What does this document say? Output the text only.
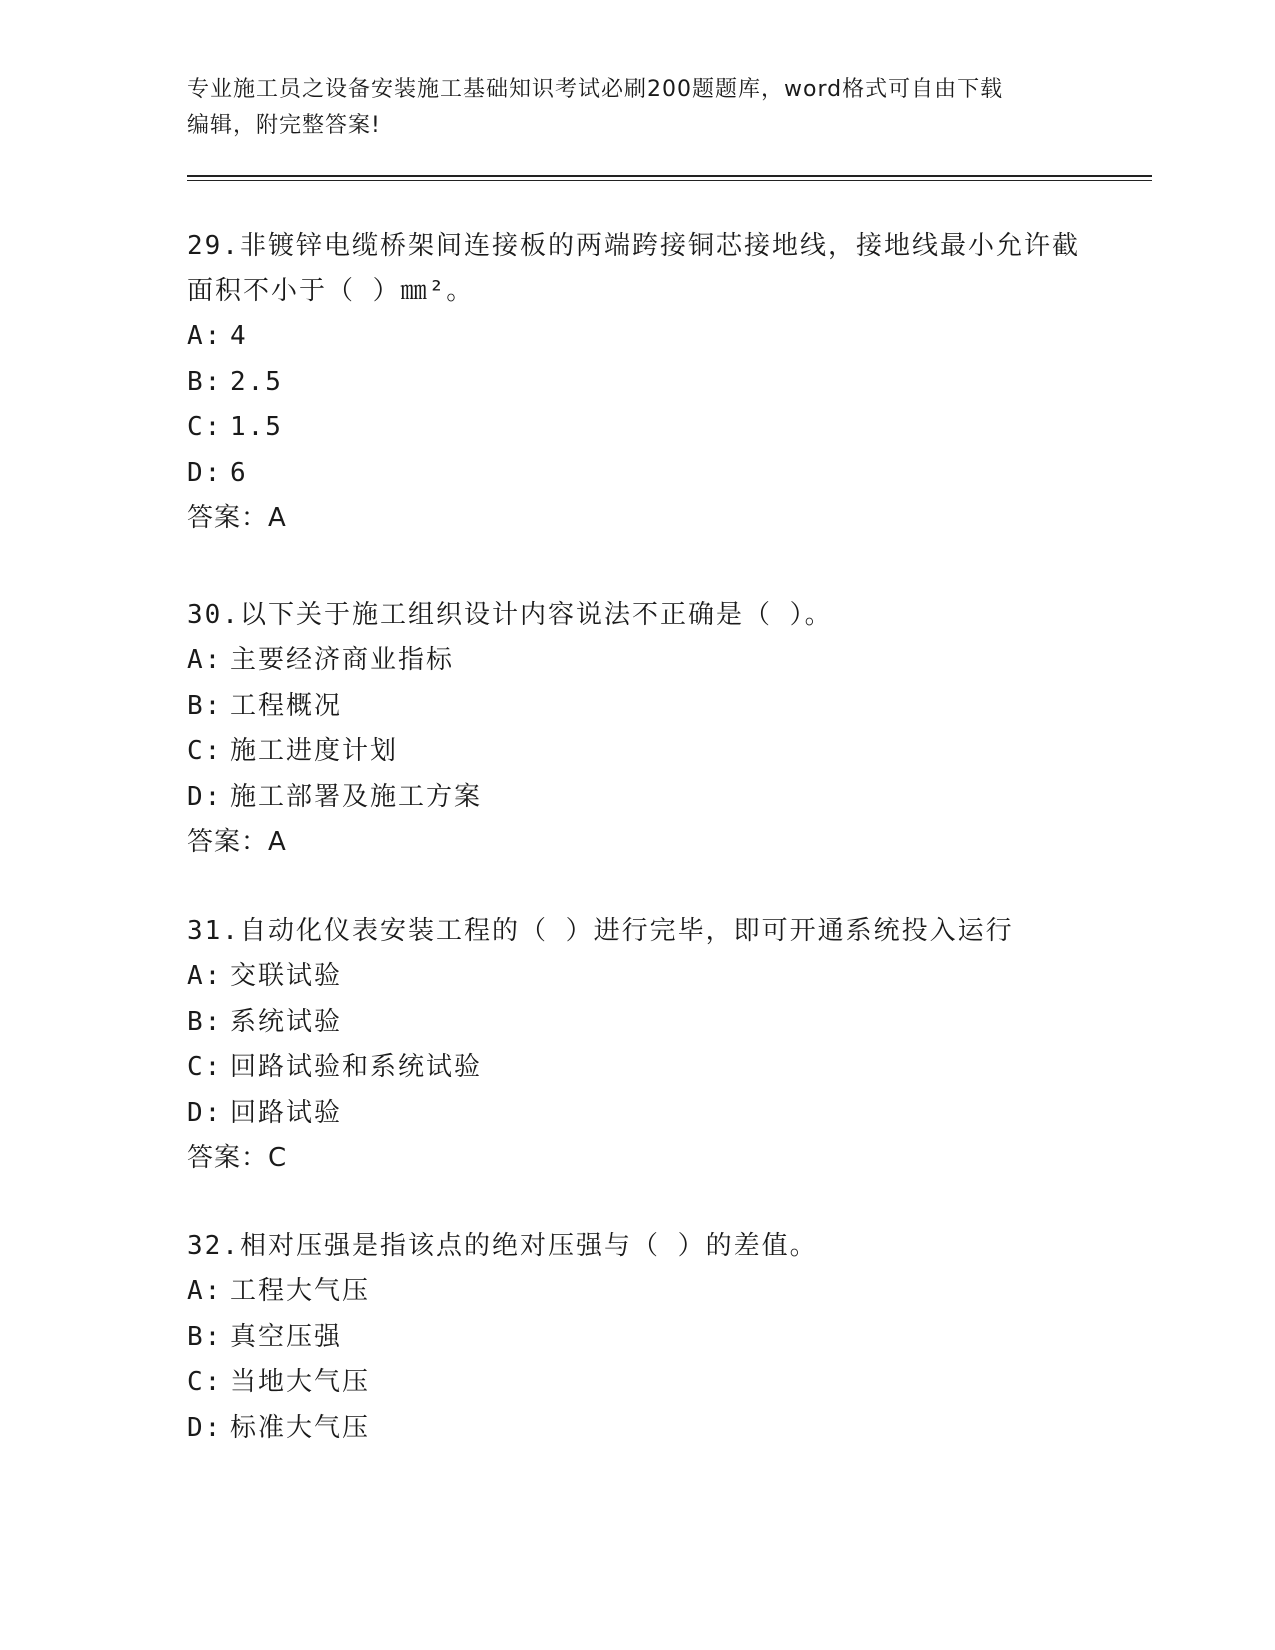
专业施工员之设备安装施工基础知识考试必刷200题题库，word格式可自由下载
编辑，附完整答案!
29.非镀锌电缆桥架间连接板的两端跨接铜芯接地线，接地线最小允许截面积不小于（ ）㎜²。
A: 4
B: 2.5
C: 1.5
D: 6
答案：A
30.以下关于施工组织设计内容说法不正确是（ ）。
A: 主要经济商业指标
B: 工程概况
C: 施工进度计划
D: 施工部署及施工方案
答案：A
31.自动化仪表安装工程的（ ）进行完毕，即可开通系统投入运行
A: 交联试验
B: 系统试验
C: 回路试验和系统试验
D: 回路试验
答案：C
32.相对压强是指该点的绝对压强与（ ）的差值。
A: 工程大气压
B: 真空压强
C: 当地大气压
D: 标准大气压
